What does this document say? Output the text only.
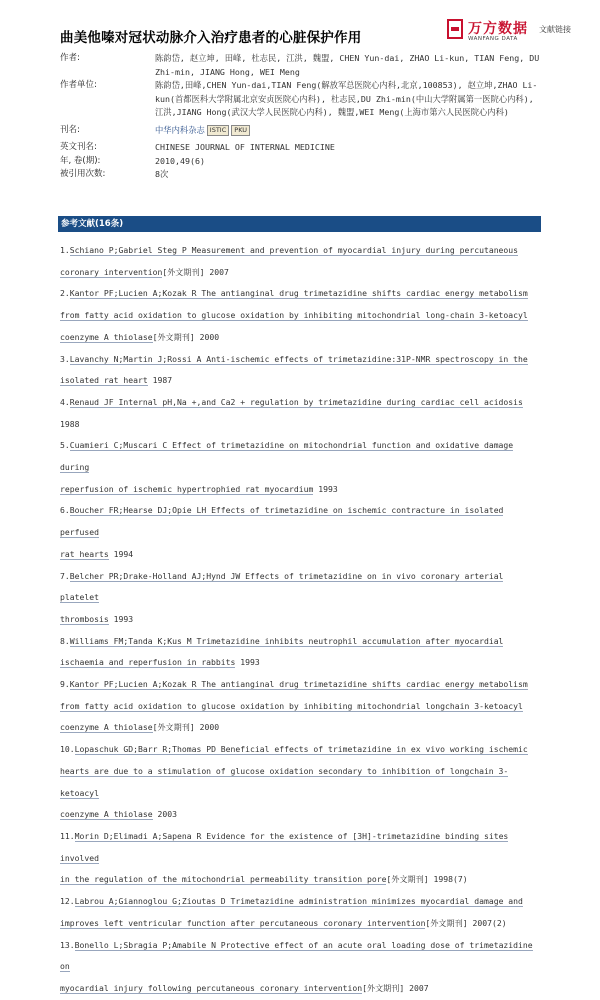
曲美他嗪对冠状动脉介入治疗患者的心脏保护作用
万方数据
WANFANG DATA
文献链接
作者:	陈韵岱, 赵立坤, 田峰, 杜志民, 江洪, 魏盟, CHEN Yun-dai, ZHAO Li-kun, TIAN Feng, DU Zhi-min, JIANG Hong, WEI Meng
作者单位:	陈韵岱,田峰,CHEN Yun-dai,TIAN Feng(解放军总医院心内科,北京,100853), 赵立坤,ZHAO Li-kun(首都医科大学附属北京安贞医院心内科), 杜志民,DU Zhi-min(中山大学附属第一医院心内科), 江洪,JIANG Hong(武汉大学人民医院心内科), 魏盟,WEI Meng(上海市第六人民医院心内科)
刊名:	中华内科杂志 ISTIC PKU
英文刊名:	CHINESE JOURNAL OF INTERNAL MEDICINE
年, 卷(期):	2010,49(6)
被引用次数:	8次
参考文献(16条)
1.Schiano P;Gabriel Steg P Measurement and prevention of myocardial injury during percutaneous
coronary intervention[外文期刊] 2007
2.Kantor PF;Lucien A;Kozak R The antianginal drug trimetazidine shifts cardiac energy metabolism
from fatty acid oxidation to glucose oxidation by inhibiting mitochondrial long-chain 3-ketoacyl
coenzyme A thiolase[外文期刊] 2000
3.Lavanchy N;Martin J;Rossi A Anti-ischemic effects of trimetazidine:31P-NMR spectroscopy in the
isolated rat heart 1987
4.Renaud JF Internal pH,Na +,and Ca2 + regulation by trimetazidine during cardiac cell acidosis 1988
5.Cuamieri C;Muscari C Effect of trimetazidine on mitochondrial function and oxidative damage during
reperfusion of ischemic hypertrophied rat myocardium 1993
6.Boucher FR;Hearse DJ;Opie LH Effects of trimetazidine on ischemic contracture in isolated perfused
rat hearts 1994
7.Belcher PR;Drake-Holland AJ;Hynd JW Effects of trimetazidine on in vivo coronary arterial platelet
thrombosis 1993
8.Williams FM;Tanda K;Kus M Trimetazidine inhibits neutrophil accumulation after myocardial
ischaemia and reperfusion in rabbits 1993
9.Kantor PF;Lucien A;Kozak R The antianginal drug trimetazidine shifts cardiac energy metabolism
from fatty acid oxidation to glucose oxidation by inhibiting mitochondrial longchain 3-ketoacyl
coenzyme A thiolase[外文期刊] 2000
10.Lopaschuk GD;Barr R;Thomas PD Beneficial effects of trimetazidine in ex vivo working ischemic
hearts are due to a stimulation of glucose oxidation secondary to inhibition of longchain 3-ketoacyl
coenzyme A thiolase 2003
11.Morin D;Elimadi A;Sapena R Evidence for the existence of [3H]-trimetazidine binding sites involved
in the regulation of the mitochondrial permeability transition pore[外文期刊] 1998(7)
12.Labrou A;Giannoglou G;Zioutas D Trimetazidine administration minimizes myocardial damage and
improves left ventricular function after percutaneous coronary intervention[外文期刊] 2007(2)
13.Bonello L;Sbragia P;Amabile N Protective effect of an acute oral loading dose of trimetazidine on
myocardial injury following percutaneous coronary intervention[外文期刊] 2007
